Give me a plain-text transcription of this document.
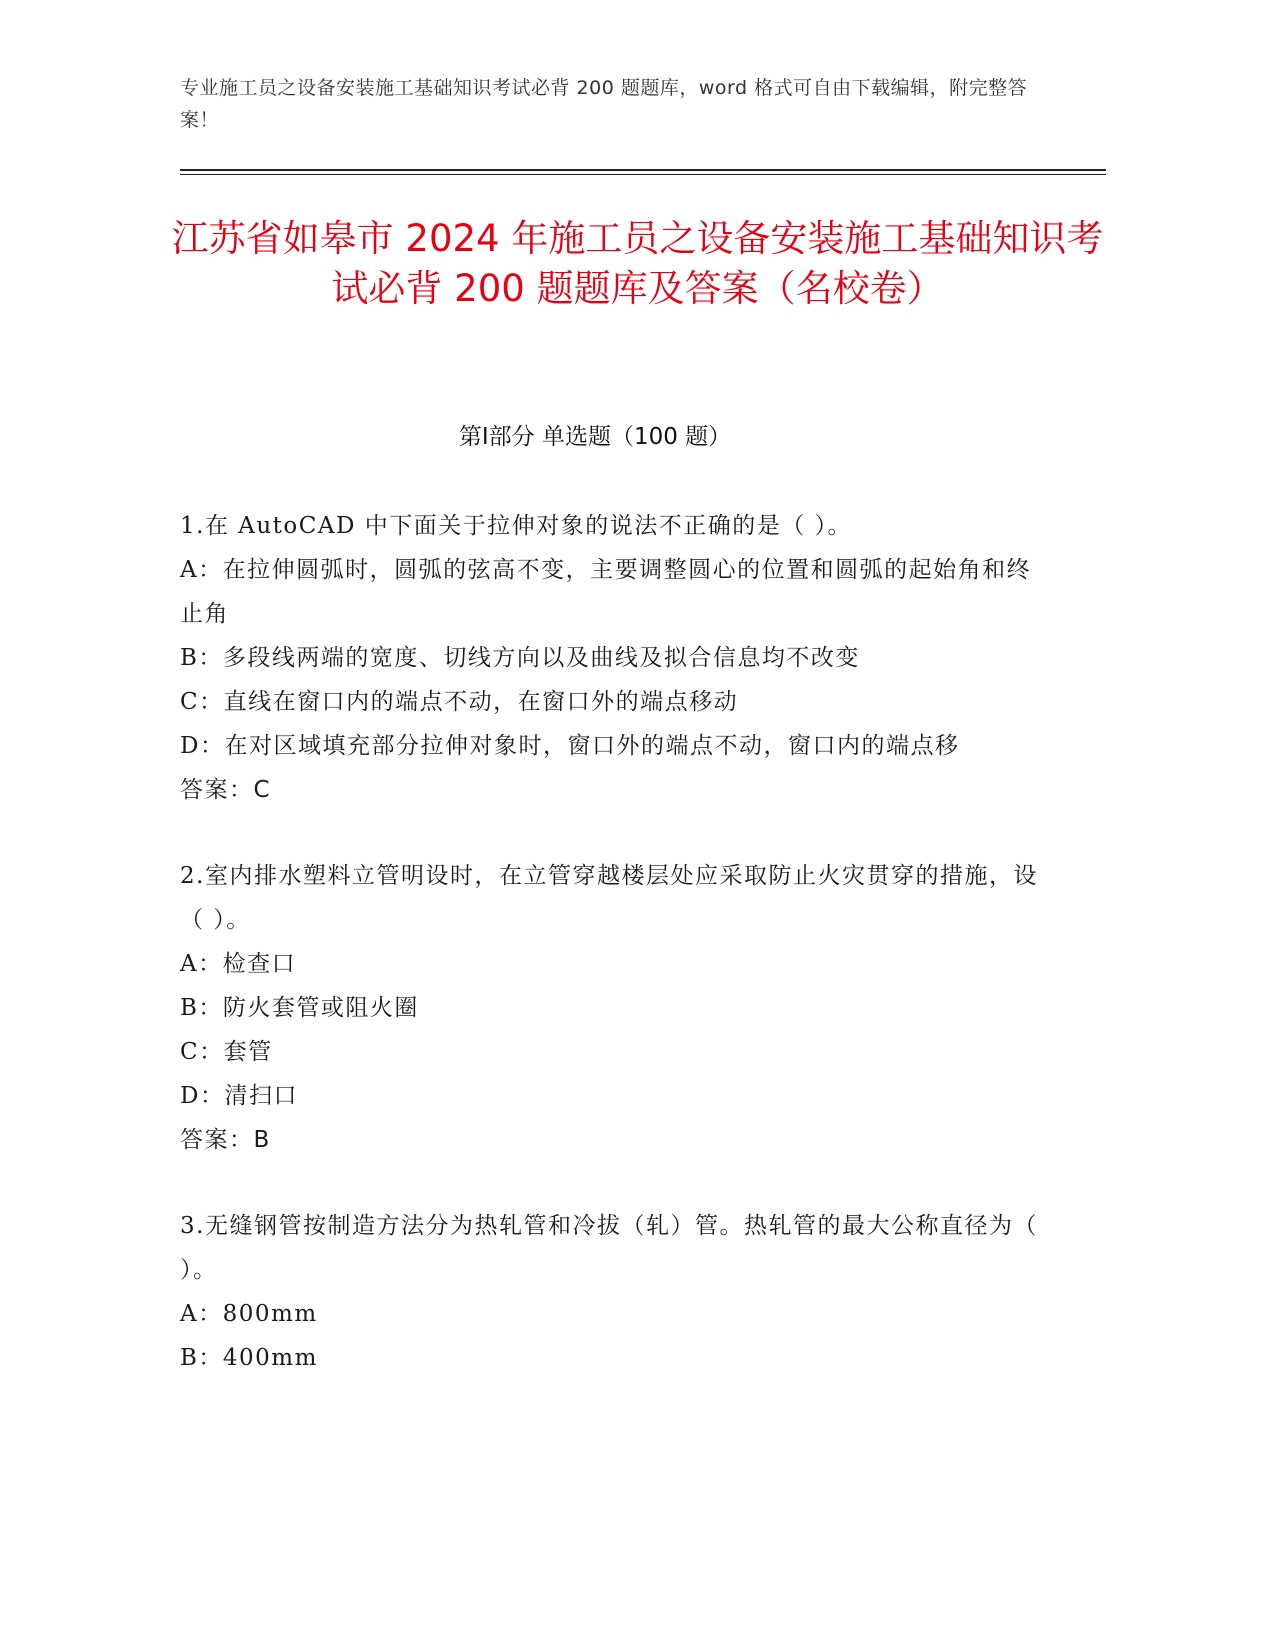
专业施工员之设备安装施工基础知识考试必背 200 题题库，word 格式可自由下载编辑，附完整答案！
江苏省如皋市 2024 年施工员之设备安装施工基础知识考试必背 200 题题库及答案（名校卷）
第Ⅰ部分 单选题（100 题）

1.在 AutoCAD 中下面关于拉伸对象的说法不正确的是（ ）。

A：在拉伸圆弧时，圆弧的弦高不变，主要调整圆心的位置和圆弧的起始角和终止角

B：多段线两端的宽度、切线方向以及曲线及拟合信息均不改变

C：直线在窗口内的端点不动，在窗口外的端点移动

D：在对区域填充部分拉伸对象时，窗口外的端点不动，窗口内的端点移

答案：C

2.室内排水塑料立管明设时，在立管穿越楼层处应采取防止火灾贯穿的措施，设（ ）。

A：检查口

B：防火套管或阻火圈

C：套管

D：清扫口

答案：B

3.无缝钢管按制造方法分为热轧管和冷拔（轧）管。热轧管的最大公称直径为（ ）。

A：800mm

B：400mm
